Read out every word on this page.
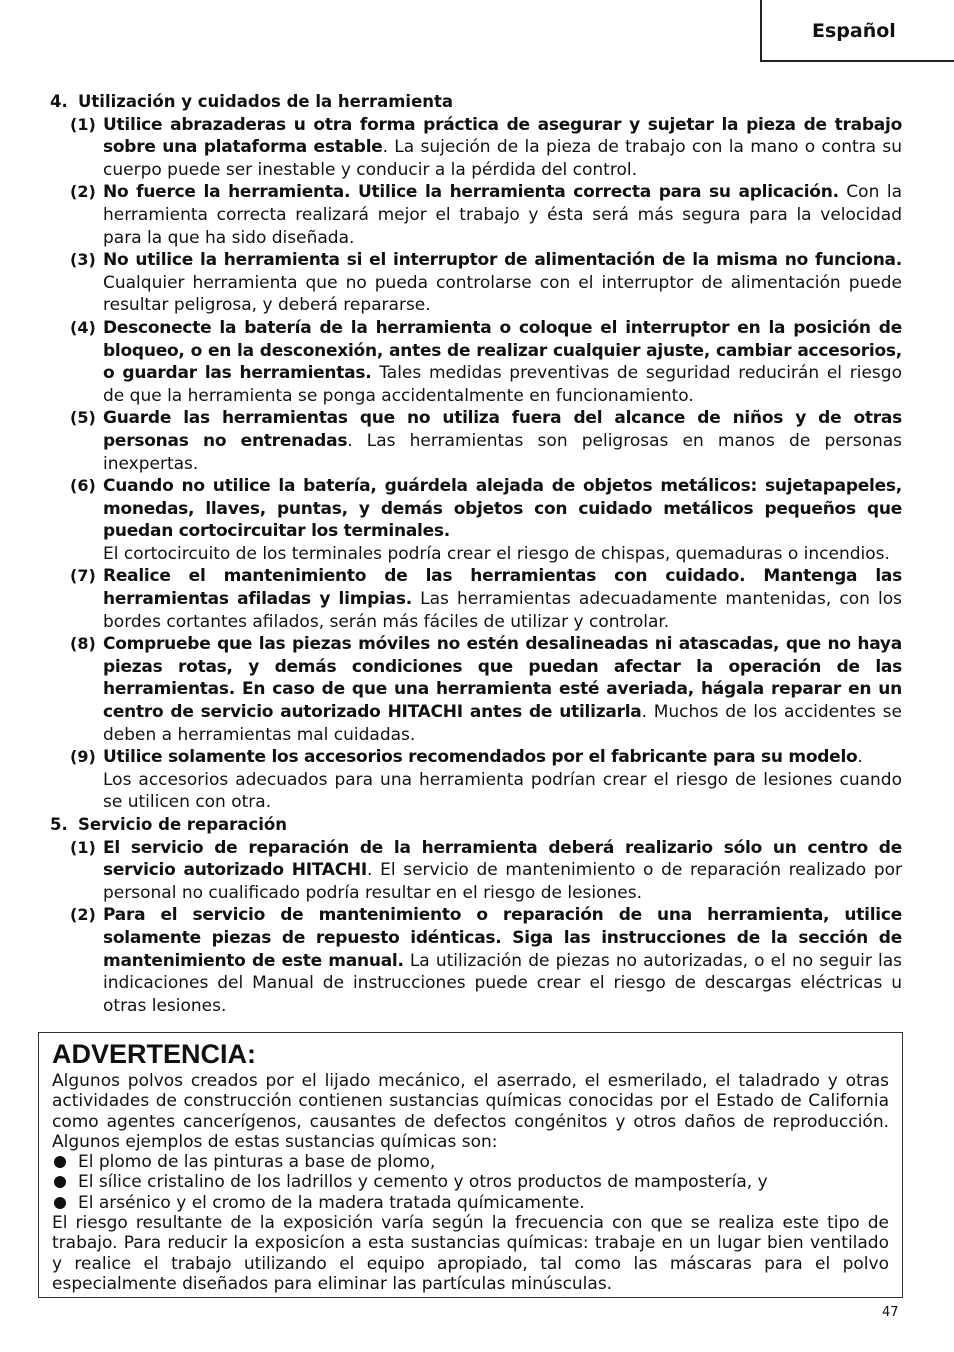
Español
4. Utilización y cuidados de la herramienta
(1) Utilice abrazaderas u otra forma práctica de asegurar y sujetar la pieza de trabajo sobre una plataforma estable. La sujeción de la pieza de trabajo con la mano o contra su cuerpo puede ser inestable y conducir a la pérdida del control.
(2) No fuerce la herramienta. Utilice la herramienta correcta para su aplicación. Con la herramienta correcta realizará mejor el trabajo y ésta será más segura para la velocidad para la que ha sido diseñada.
(3) No utilice la herramienta si el interruptor de alimentación de la misma no funciona. Cualquier herramienta que no pueda controlarse con el interruptor de alimentación puede resultar peligrosa, y deberá repararse.
(4) Desconecte la batería de la herramienta o coloque el interruptor en la posición de bloqueo, o en la desconexión, antes de realizar cualquier ajuste, cambiar accesorios, o guardar las herramientas. Tales medidas preventivas de seguridad reducirán el riesgo de que la herramienta se ponga accidentalmente en funcionamiento.
(5) Guarde las herramientas que no utiliza fuera del alcance de niños y de otras personas no entrenadas. Las herramientas son peligrosas en manos de personas inexpertas.
(6) Cuando no utilice la batería, guárdela alejada de objetos metálicos: sujetapapeles, monedas, llaves, puntas, y demás objetos con cuidado metálicos pequeños que puedan cortocircuitar los terminales.
El cortocircuito de los terminales podría crear el riesgo de chispas, quemaduras o incendios.
(7) Realice el mantenimiento de las herramientas con cuidado. Mantenga las herramientas afiladas y limpias. Las herramientas adecuadamente mantenidas, con los bordes cortantes afilados, serán más fáciles de utilizar y controlar.
(8) Compruebe que las piezas móviles no estén desalineadas ni atascadas, que no haya piezas rotas, y demás condiciones que puedan afectar la operación de las herramientas. En caso de que una herramienta esté averiada, hágala reparar en un centro de servicio autorizado HITACHI antes de utilizarla. Muchos de los accidentes se deben a herramientas mal cuidadas.
(9) Utilice solamente los accesorios recomendados por el fabricante para su modelo.
Los accesorios adecuados para una herramienta podrían crear el riesgo de lesiones cuando se utilicen con otra.
5. Servicio de reparación
(1) El servicio de reparación de la herramienta deberá realizario sólo un centro de servicio autorizado HITACHI. El servicio de mantenimiento o de reparación realizado por personal no cualificado podría resultar en el riesgo de lesiones.
(2) Para el servicio de mantenimiento o reparación de una herramienta, utilice solamente piezas de repuesto idénticas. Siga las instrucciones de la sección de mantenimiento de este manual. La utilización de piezas no autorizadas, o el no seguir las indicaciones del Manual de instrucciones puede crear el riesgo de descargas eléctricas u otras lesiones.
ADVERTENCIA:
Algunos polvos creados por el lijado mecánico, el aserrado, el esmerilado, el taladrado y otras actividades de construcción contienen sustancias químicas conocidas por el Estado de California como agentes cancerígenos, causantes de defectos congénitos y otros daños de reproducción. Algunos ejemplos de estas sustancias químicas son:
El plomo de las pinturas a base de plomo,
El sílice cristalino de los ladrillos y cemento y otros productos de mampostería, y
El arsénico y el cromo de la madera tratada químicamente.
El riesgo resultante de la exposición varía según la frecuencia con que se realiza este tipo de trabajo. Para reducir la exposicíon a esta sustancias químicas: trabaje en un lugar bien ventilado y realice el trabajo utilizando el equipo apropiado, tal como las máscaras para el polvo especialmente diseñados para eliminar las partículas minúsculas.
47
